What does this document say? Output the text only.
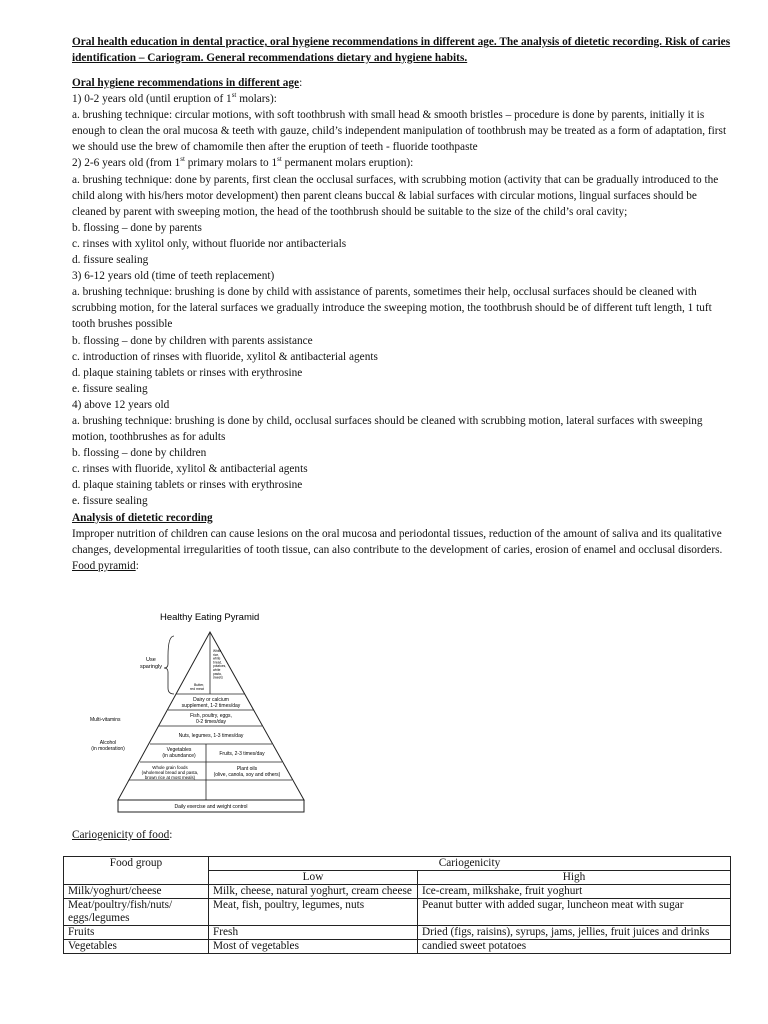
Oral health education in dental practice, oral hygiene recommendations in different age. The analysis of dietetic recording. Risk of caries identification – Cariogram. General recommendations dietary and hygiene habits.

Oral hygiene recommendations in different age:

1) 0-2 years old (until eruption of 1st molars):

a. brushing technique: circular motions, with soft toothbrush with small head & smooth bristles – procedure is done by parents, initially it is enough to clean the oral mucosa & teeth with gauze, child’s independent manipulation of toothbrush may be treated as a form of adaptation, first we should use the brew of chamomile then after the eruption of teeth - fluoride toothpaste

2) 2-6 years old (from 1st primary molars to 1st permanent molars eruption):

a. brushing technique: done by parents, first clean the occlusal surfaces, with scrubbing motion (activity that can be gradually introduced to the child along with his/hers motor development) then parent cleans buccal & labial surfaces with circular motions, lingual surfaces should be cleaned by parent with sweeping motion, the head of the toothbrush should be suitable to the size of the child’s oral cavity;

b. flossing – done by parents

c. rinses with xylitol only, without fluoride nor antibacterials

d. fissure sealing

3) 6-12 years old (time of teeth replacement)

a. brushing technique: brushing is done by child with assistance of parents, sometimes their help, occlusal surfaces should be cleaned with scrubbing motion, for the lateral surfaces we gradually introduce the sweeping motion, the toothbrush should be of different tuft length, 1 tuft tooth brushes possible

b. flossing – done by children with parents assistance

c. introduction of rinses with fluoride, xylitol & antibacterial agents

d. plaque staining tablets or rinses with erythrosine

e. fissure sealing

4) above 12 years old

a. brushing technique: brushing is done by child, occlusal surfaces should be cleaned with scrubbing motion, lateral surfaces with sweeping motion, toothbrushes as for adults

b. flossing – done by children

c. rinses with fluoride, xylitol & antibacterial agents

d. plaque staining tablets or rinses with erythrosine

e. fissure sealing

Analysis of dietetic recording

Improper nutrition of children can cause lesions on the oral mucosa and periodontal tissues, reduction of the amount of saliva and its qualitative changes, developmental irregularities of tooth tissue, can also contribute to the development of caries, erosion of enamel and occlusal disorders.

Food pyramid:

Healthy Eating Pyramid
Use sparingly
Butter, red meat
White rice, white bread, potatoes, white pasta, sweets
Dairy or calcium supplement, 1-2 times/day
Fish, poultry, eggs, 0-2 times/day
Nuts, legumes, 1-3 times/day
Vegetables (in abundance)	Fruits, 2-3 times/day
Whole grain foods (wholemeal bread and pasta, brown rice at most meals)
Plant oils (olive, canola, soy and others)
Daily exercise and weight control
Multi-vitamins
Alcohol (in moderation)

Cariogenicity of food:

Food group	Cariogenicity	
	Low	High
Milk/yoghurt/cheese	Milk, cheese, natural yoghurt, cream cheese	Ice-cream, milkshake, fruit yoghurt
Meat/poultry/fish/nuts/ eggs/legumes	Meat, fish, poultry, legumes, nuts	Peanut butter with added sugar, luncheon meat with sugar
Fruits	Fresh	Dried (figs, raisins), syrups, jams, jellies, fruit juices and drinks
Vegetables	Most of vegetables	candied sweet potatoes
